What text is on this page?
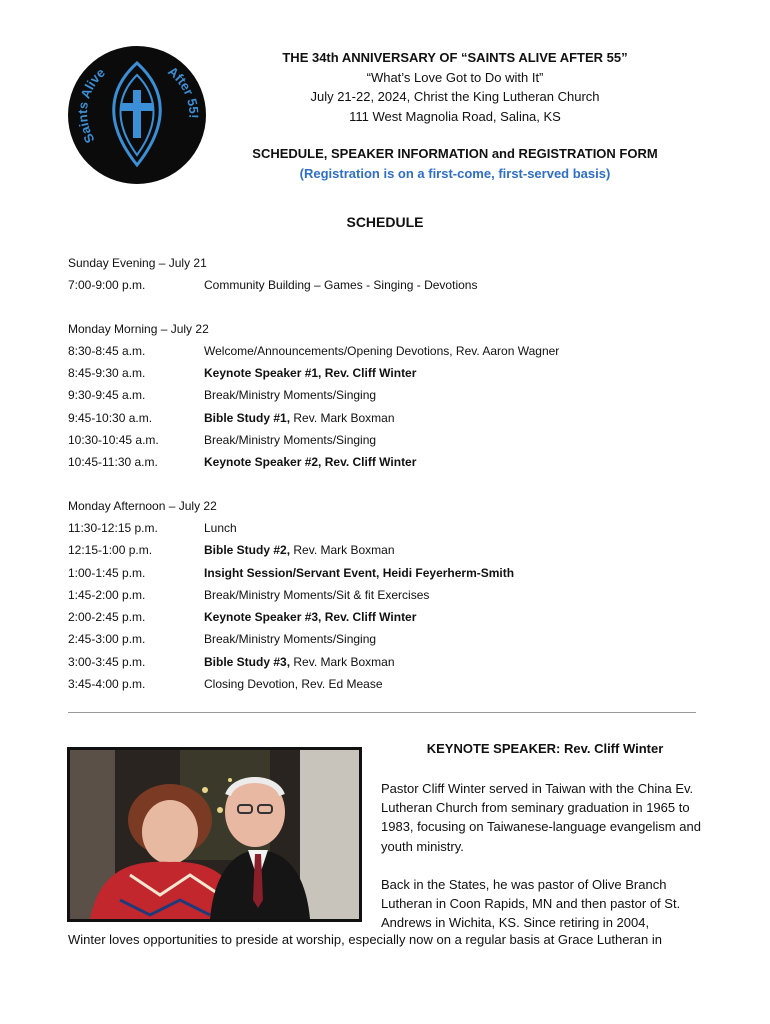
Saints Alive	After 55!
THE 34th ANNIVERSARY OF “SAINTS ALIVE AFTER 55”
“What’s Love Got to Do with It”
July 21-22, 2024, Christ the King Lutheran Church
111 West Magnolia Road, Salina, KS
SCHEDULE, SPEAKER INFORMATION and REGISTRATION FORM
(Registration is on a first-come, first-served basis)
SCHEDULE
Sunday Evening – July 21
7:00-9:00 p.m.	Community Building – Games - Singing - Devotions
Monday Morning – July 22
8:30-8:45 a.m.	Welcome/Announcements/Opening Devotions, Rev. Aaron Wagner
8:45-9:30 a.m.	Keynote Speaker #1, Rev. Cliff Winter
9:30-9:45 a.m.	Break/Ministry Moments/Singing
9:45-10:30 a.m.	Bible Study #1, Rev. Mark Boxman
10:30-10:45 a.m.	Break/Ministry Moments/Singing
10:45-11:30 a.m.	Keynote Speaker #2, Rev. Cliff Winter
Monday Afternoon – July 22
11:30-12:15 p.m.	Lunch
12:15-1:00 p.m.	Bible Study #2, Rev. Mark Boxman
1:00-1:45 p.m.	Insight Session/Servant Event, Heidi Feyerherm-Smith
1:45-2:00 p.m.	Break/Ministry Moments/Sit & fit Exercises
2:00-2:45 p.m.	Keynote Speaker #3, Rev. Cliff Winter
2:45-3:00 p.m.	Break/Ministry Moments/Singing
3:00-3:45 p.m.	Bible Study #3, Rev. Mark Boxman
3:45-4:00 p.m.	Closing Devotion, Rev. Ed Mease
KEYNOTE SPEAKER: Rev. Cliff Winter

Pastor Cliff Winter served in Taiwan with the China Ev. Lutheran Church from seminary graduation in 1965 to 1983, focusing on Taiwanese-language evangelism and youth ministry.

Back in the States, he was pastor of Olive Branch Lutheran in Coon Rapids, MN and then pastor of St. Andrews in Wichita, KS. Since retiring in 2004,

Winter loves opportunities to preside at worship, especially now on a regular basis at Grace Lutheran in
